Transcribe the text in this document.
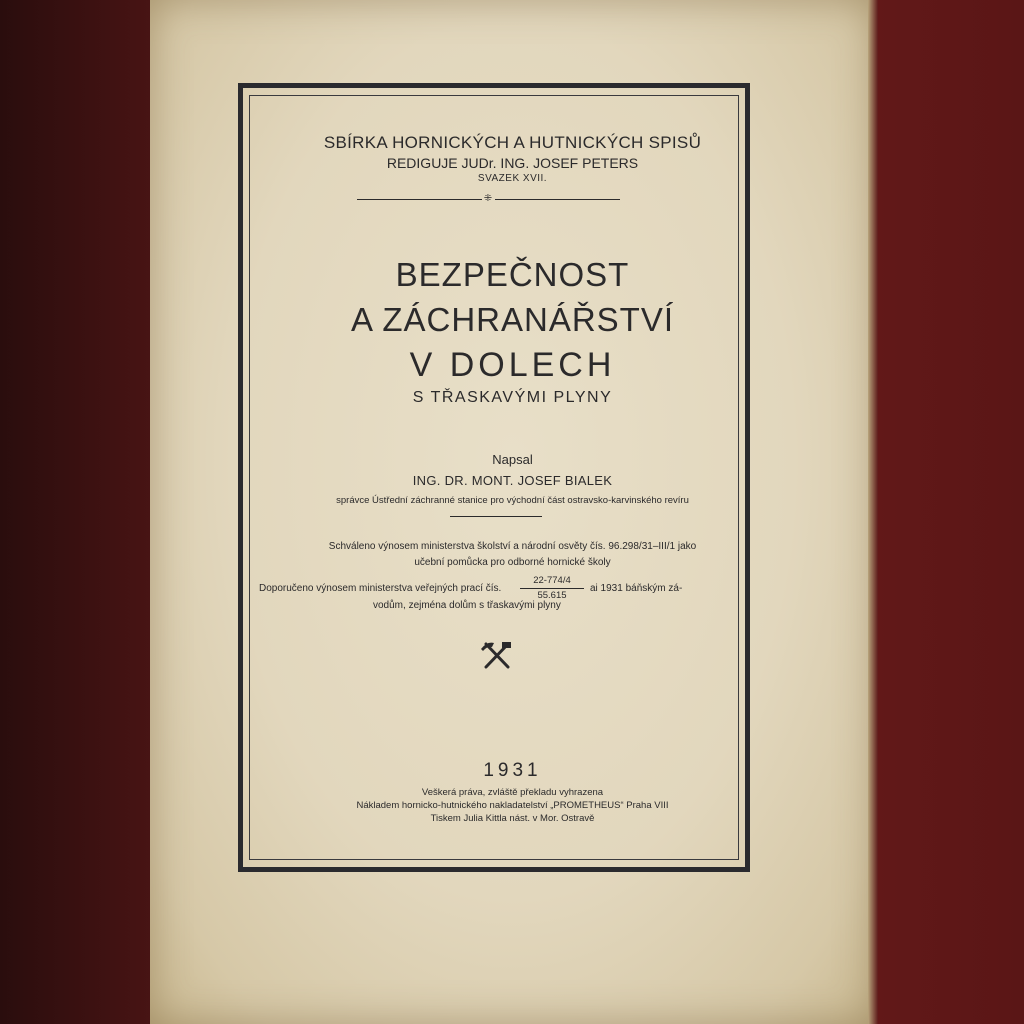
SBÍRKA HORNICKÝCH A HUTNICKÝCH SPISŮ
REDIGUJE JUDr. ING. JOSEF PETERS
SVAZEK XVII.
⁜
BEZPEČNOST
A ZÁCHRANÁŘSTVÍ
V DOLECH
S TŘASKAVÝMI PLYNY
Napsal
ING. DR. MONT. JOSEF BIALEK
správce Ústřední záchranné stanice pro východní část ostravsko-karvinského revíru
Schváleno výnosem ministerstva školství a národní osvěty čís. 96.298/31–III/1 jako
učební pomůcka pro odborné hornické školy
Doporučeno výnosem ministerstva veřejných prací čís.
22-774/4
55.615
ai 1931 báňským zá-
vodům, zejména dolům s třaskavými plyny
1931
Veškerá práva, zvláště překladu vyhrazena
Nákladem hornicko-hutnického nakladatelství „PROMETHEUS“ Praha VIII
Tiskem Julia Kittla nást. v Mor. Ostravě
